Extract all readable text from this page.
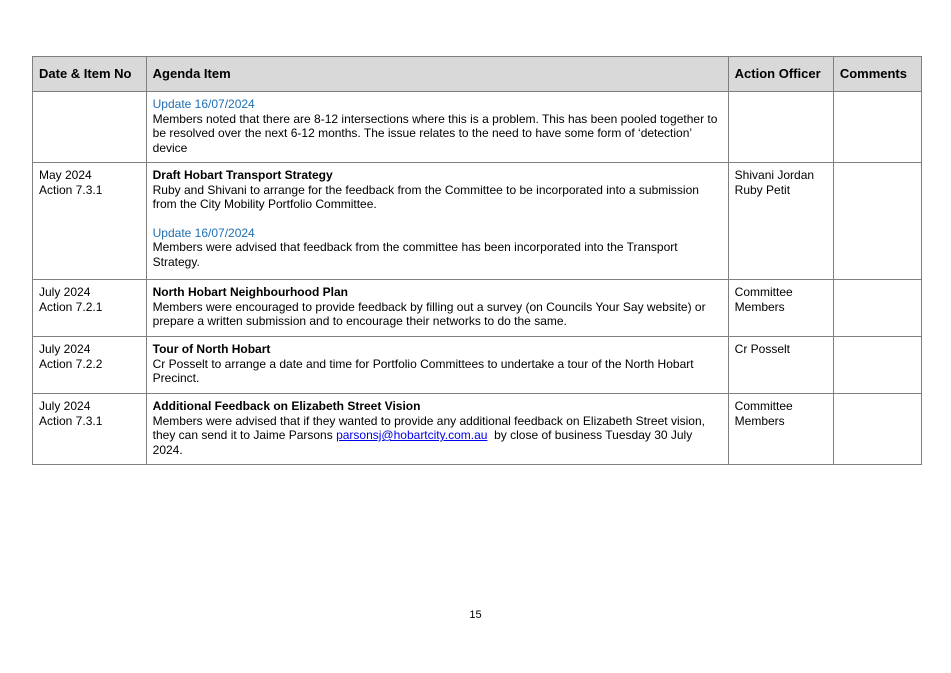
Date & Item No	Agenda Item	Action Officer	Comments

	Update 16/07/2024
Members noted that there are 8-12 intersections where this is a problem. This has been pooled together to be resolved over the next 6-12 months. The issue relates to the need to have some form of ‘detection’ device		

May 2024
Action 7.3.1	Draft Hobart Transport Strategy
Ruby and Shivani to arrange for the feedback from the Committee to be incorporated into a submission from the City Mobility Portfolio Committee.
Update 16/07/2024
Members were advised that feedback from the committee has been incorporated into the Transport Strategy.	Shivani Jordan
Ruby Petit	

July 2024
Action 7.2.1	North Hobart Neighbourhood Plan
Members were encouraged to provide feedback by filling out a survey (on Councils Your Say website) or prepare a written submission and to encourage their networks to do the same.	Committee
Members	

July 2024
Action 7.2.2	Tour of North Hobart
Cr Posselt to arrange a date and time for Portfolio Committees to undertake a tour of the North Hobart Precinct.	Cr Posselt	

July 2024
Action 7.3.1	Additional Feedback on Elizabeth Street Vision
Members were advised that if they wanted to provide any additional feedback on Elizabeth Street vision, they can send it to Jaime Parsons parsonsj@hobartcity.com.au  by close of business Tuesday 30 July 2024.	Committee
Members	

15
